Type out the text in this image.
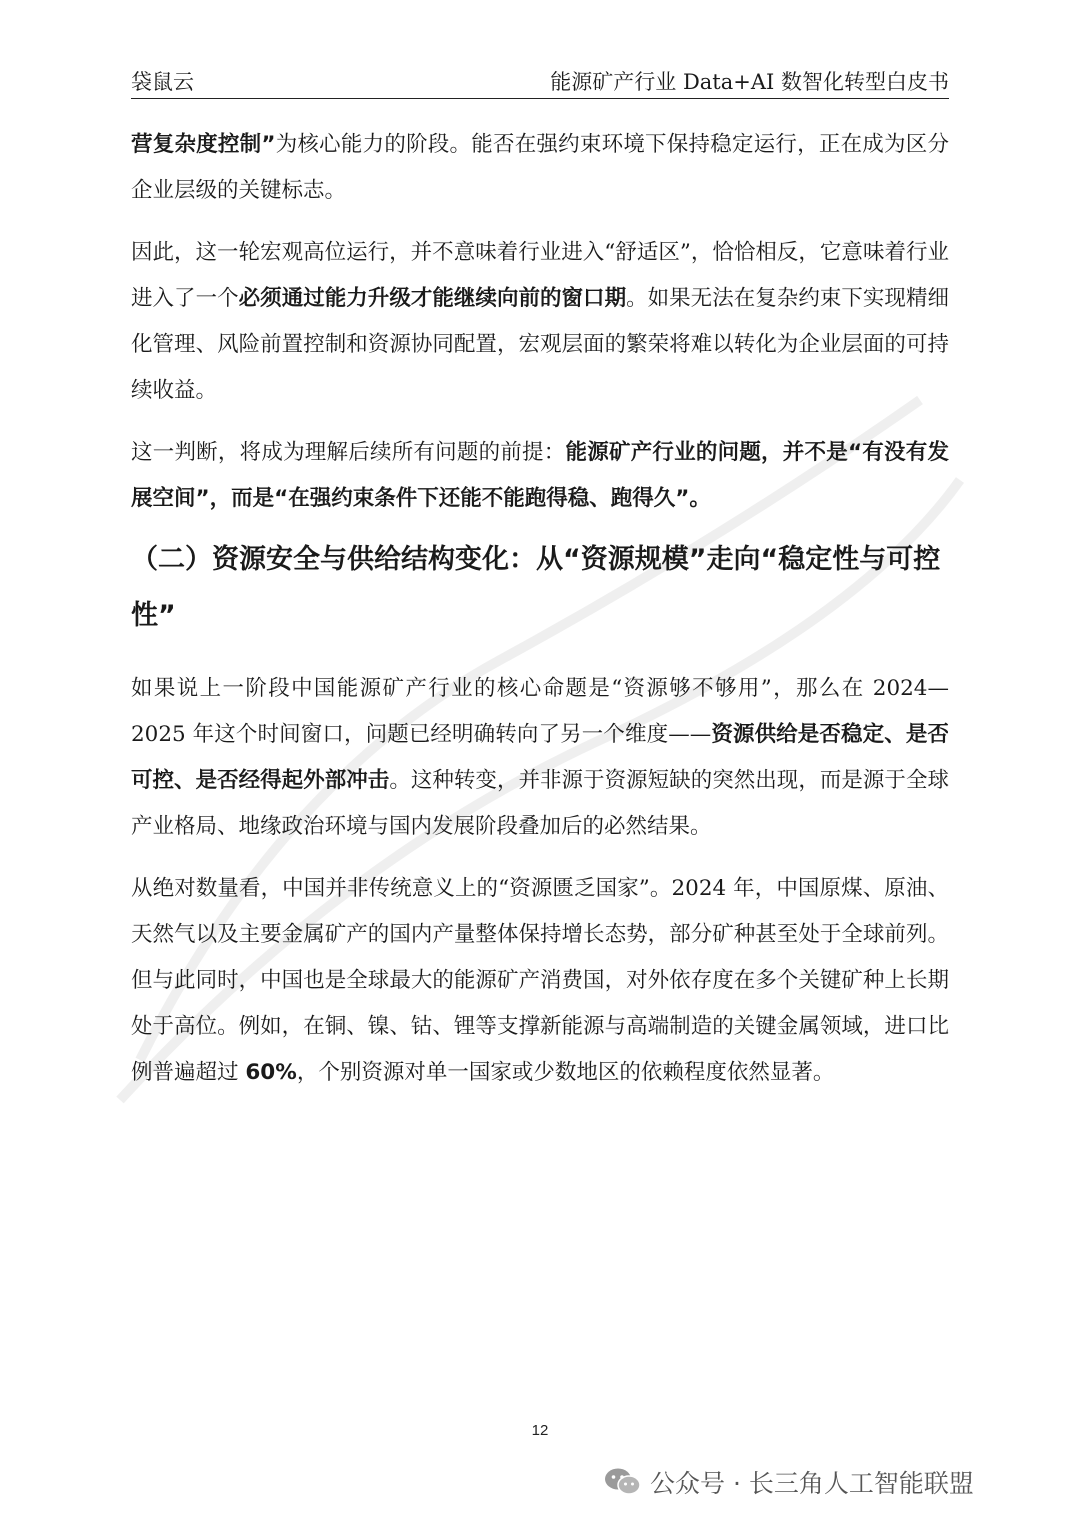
袋鼠云	能源矿产行业 Data+AI 数智化转型白皮书

营复杂度控制”为核心能力的阶段。能否在强约束环境下保持稳定运行，正在成为区分企业层级的关键标志。

因此，这一轮宏观高位运行，并不意味着行业进入“舒适区”，恰恰相反，它意味着行业进入了一个必须通过能力升级才能继续向前的窗口期。如果无法在复杂约束下实现精细化管理、风险前置控制和资源协同配置，宏观层面的繁荣将难以转化为企业层面的可持续收益。

这一判断，将成为理解后续所有问题的前提：能源矿产行业的问题，并不是“有没有发展空间”，而是“在强约束条件下还能不能跑得稳、跑得久”。

（二）资源安全与供给结构变化：从“资源规模”走向“稳定性与可控性”

如果说上一阶段中国能源矿产行业的核心命题是“资源够不够用”，那么在 2024—2025 年这个时间窗口，问题已经明确转向了另一个维度——资源供给是否稳定、是否可控、是否经得起外部冲击。这种转变，并非源于资源短缺的突然出现，而是源于全球产业格局、地缘政治环境与国内发展阶段叠加后的必然结果。

从绝对数量看，中国并非传统意义上的“资源匮乏国家”。2024 年，中国原煤、原油、天然气以及主要金属矿产的国内产量整体保持增长态势，部分矿种甚至处于全球前列。但与此同时，中国也是全球最大的能源矿产消费国，对外依存度在多个关键矿种上长期处于高位。例如，在铜、镍、钴、锂等支撑新能源与高端制造的关键金属领域，进口比例普遍超过 60%，个别资源对单一国家或少数地区的依赖程度依然显著。

12
公众号 · 长三角人工智能联盟
